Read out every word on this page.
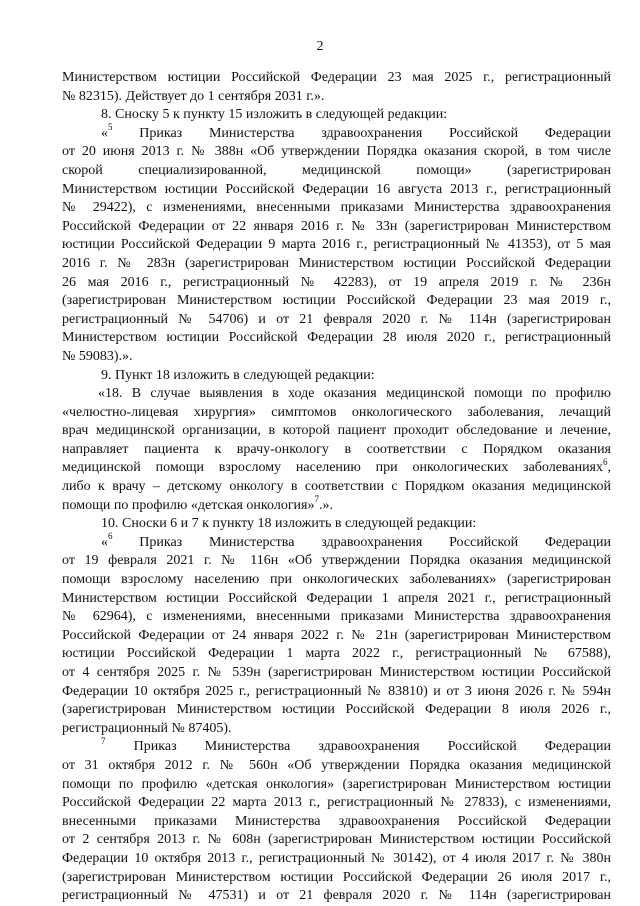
2
Министерством юстиции Российской Федерации 23 мая 2025 г., регистрационный
№ 82315). Действует до 1 сентября 2031 г.».
8. Сноску 5 к пункту 15 изложить в следующей редакции:
«$^5$ Приказ Министерства здравоохранения Российской Федерации
от 20 июня 2013 г. № 388н «Об утверждении Порядка оказания скорой, в том числе
скорой специализированной, медицинской помощи» (зарегистрирован
Министерством юстиции Российской Федерации 16 августа 2013 г., регистрационный
№ 29422), с изменениями, внесенными приказами Министерства здравоохранения
Российской Федерации от 22 января 2016 г. № 33н (зарегистрирован Министерством
юстиции Российской Федерации 9 марта 2016 г., регистрационный № 41353), от 5 мая
2016 г. № 283н (зарегистрирован Министерством юстиции Российской Федерации
26 мая 2016 г., регистрационный № 42283), от 19 апреля 2019 г. № 236н
(зарегистрирован Министерством юстиции Российской Федерации 23 мая 2019 г.,
регистрационный № 54706) и от 21 февраля 2020 г. № 114н (зарегистрирован
Министерством юстиции Российской Федерации 28 июля 2020 г., регистрационный
№ 59083).».
9. Пункт 18 изложить в следующей редакции:
«18. В случае выявления в ходе оказания медицинской помощи по профилю
«челюстно-лицевая хирургия» симптомов онкологического заболевания, лечащий
врач медицинской организации, в которой пациент проходит обследование и лечение,
направляет пациента к врачу-онкологу в соответствии с Порядком оказания
медицинской помощи взрослому населению при онкологических заболеваниях$^6$,
либо к врачу – детскому онкологу в соответствии с Порядком оказания медицинской
помощи по профилю «детская онкология»$^7$.».
10. Сноски 6 и 7 к пункту 18 изложить в следующей редакции:
«$^6$ Приказ Министерства здравоохранения Российской Федерации
от 19 февраля 2021 г. № 116н «Об утверждении Порядка оказания медицинской
помощи взрослому населению при онкологических заболеваниях» (зарегистрирован
Министерством юстиции Российской Федерации 1 апреля 2021 г., регистрационный
№ 62964), с изменениями, внесенными приказами Министерства здравоохранения
Российской Федерации от 24 января 2022 г. № 21н (зарегистрирован Министерством
юстиции Российской Федерации 1 марта 2022 г., регистрационный № 67588),
от 4 сентября 2025 г. № 539н (зарегистрирован Министерством юстиции Российской
Федерации 10 октября 2025 г., регистрационный № 83810) и от 3 июня 2026 г. № 594н
(зарегистрирован Министерством юстиции Российской Федерации 8 июля 2026 г.,
регистрационный № 87405).
$^7$ Приказ Министерства здравоохранения Российской Федерации
от 31 октября 2012 г. № 560н «Об утверждении Порядка оказания медицинской
помощи по профилю «детская онкология» (зарегистрирован Министерством юстиции
Российской Федерации 22 марта 2013 г., регистрационный № 27833), с изменениями,
внесенными приказами Министерства здравоохранения Российской Федерации
от 2 сентября 2013 г. № 608н (зарегистрирован Министерством юстиции Российской
Федерации 10 октября 2013 г., регистрационный № 30142), от 4 июля 2017 г. № 380н
(зарегистрирован Министерством юстиции Российской Федерации 26 июля 2017 г.,
регистрационный № 47531) и от 21 февраля 2020 г. № 114н (зарегистрирован
